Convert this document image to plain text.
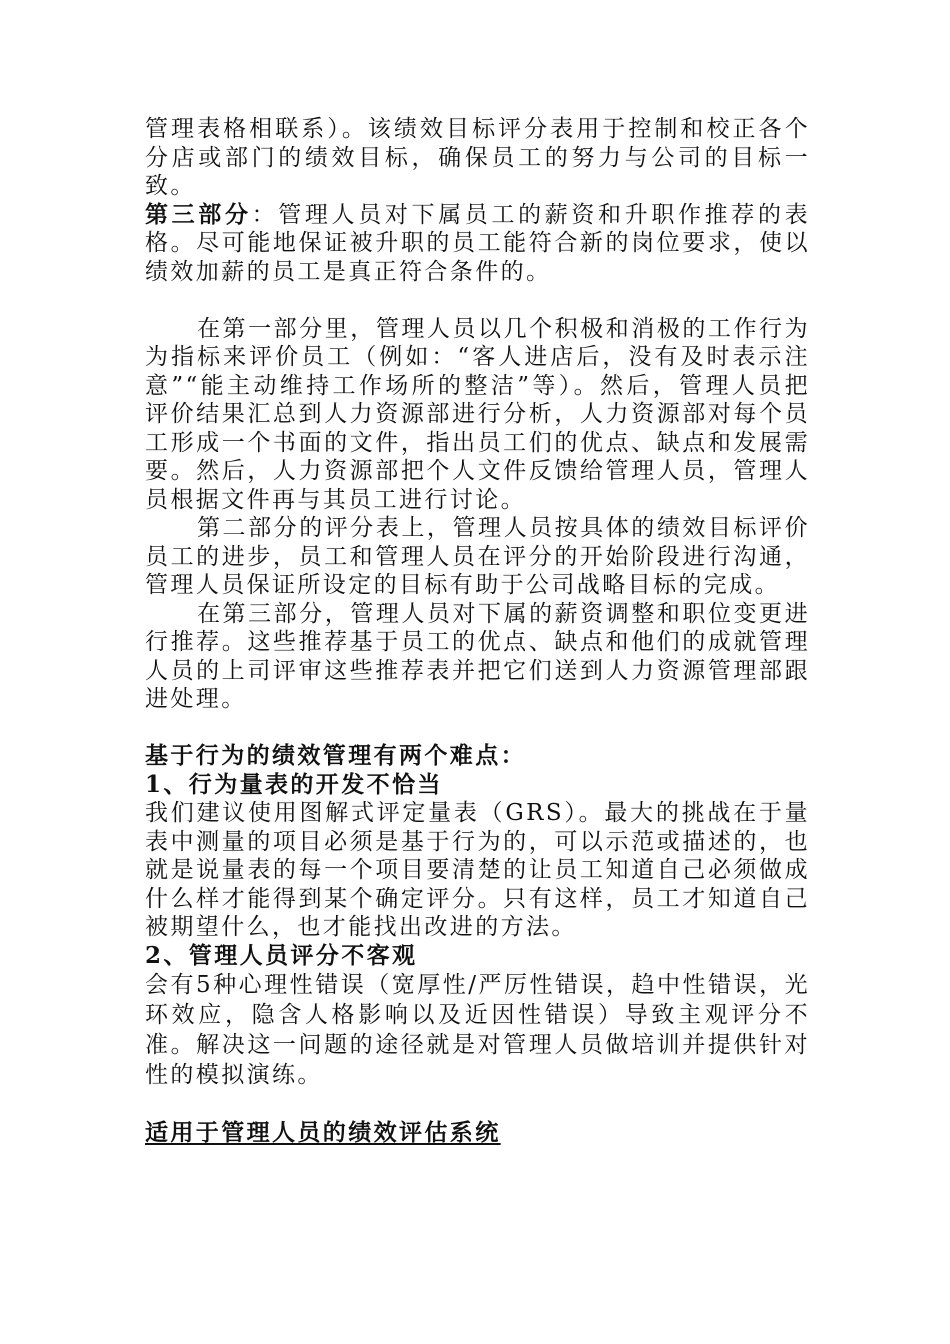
管理表格相联系）。该绩效目标评分表用于控制和校正各个分店或部门的绩效目标，确保员工的努力与公司的目标一致。

第三部分：管理人员对下属员工的薪资和升职作推荐的表格。尽可能地保证被升职的员工能符合新的岗位要求，使以绩效加薪的员工是真正符合条件的。

在第一部分里，管理人员以几个积极和消极的工作行为为指标来评价员工（例如：“客人进店后，没有及时表示注意”“能主动维持工作场所的整洁”等）。然后，管理人员把评价结果汇总到人力资源部进行分析，人力资源部对每个员工形成一个书面的文件，指出员工们的优点、缺点和发展需要。然后，人力资源部把个人文件反馈给管理人员，管理人员根据文件再与其员工进行讨论。

第二部分的评分表上，管理人员按具体的绩效目标评价员工的进步，员工和管理人员在评分的开始阶段进行沟通，管理人员保证所设定的目标有助于公司战略目标的完成。

在第三部分，管理人员对下属的薪资调整和职位变更进行推荐。这些推荐基于员工的优点、缺点和他们的成就管理人员的上司评审这些推荐表并把它们送到人力资源管理部跟进处理。

基于行为的绩效管理有两个难点：

1、行为量表的开发不恰当

我们建议使用图解式评定量表（GRS）。最大的挑战在于量表中测量的项目必须是基于行为的，可以示范或描述的，也就是说量表的每一个项目要清楚的让员工知道自己必须做成什么样才能得到某个确定评分。只有这样，员工才知道自己被期望什么，也才能找出改进的方法。

2、管理人员评分不客观

会有5种心理性错误（宽厚性/严厉性错误，趋中性错误，光环效应，隐含人格影响以及近因性错误）导致主观评分不准。解决这一问题的途径就是对管理人员做培训并提供针对性的模拟演练。

适用于管理人员的绩效评估系统
